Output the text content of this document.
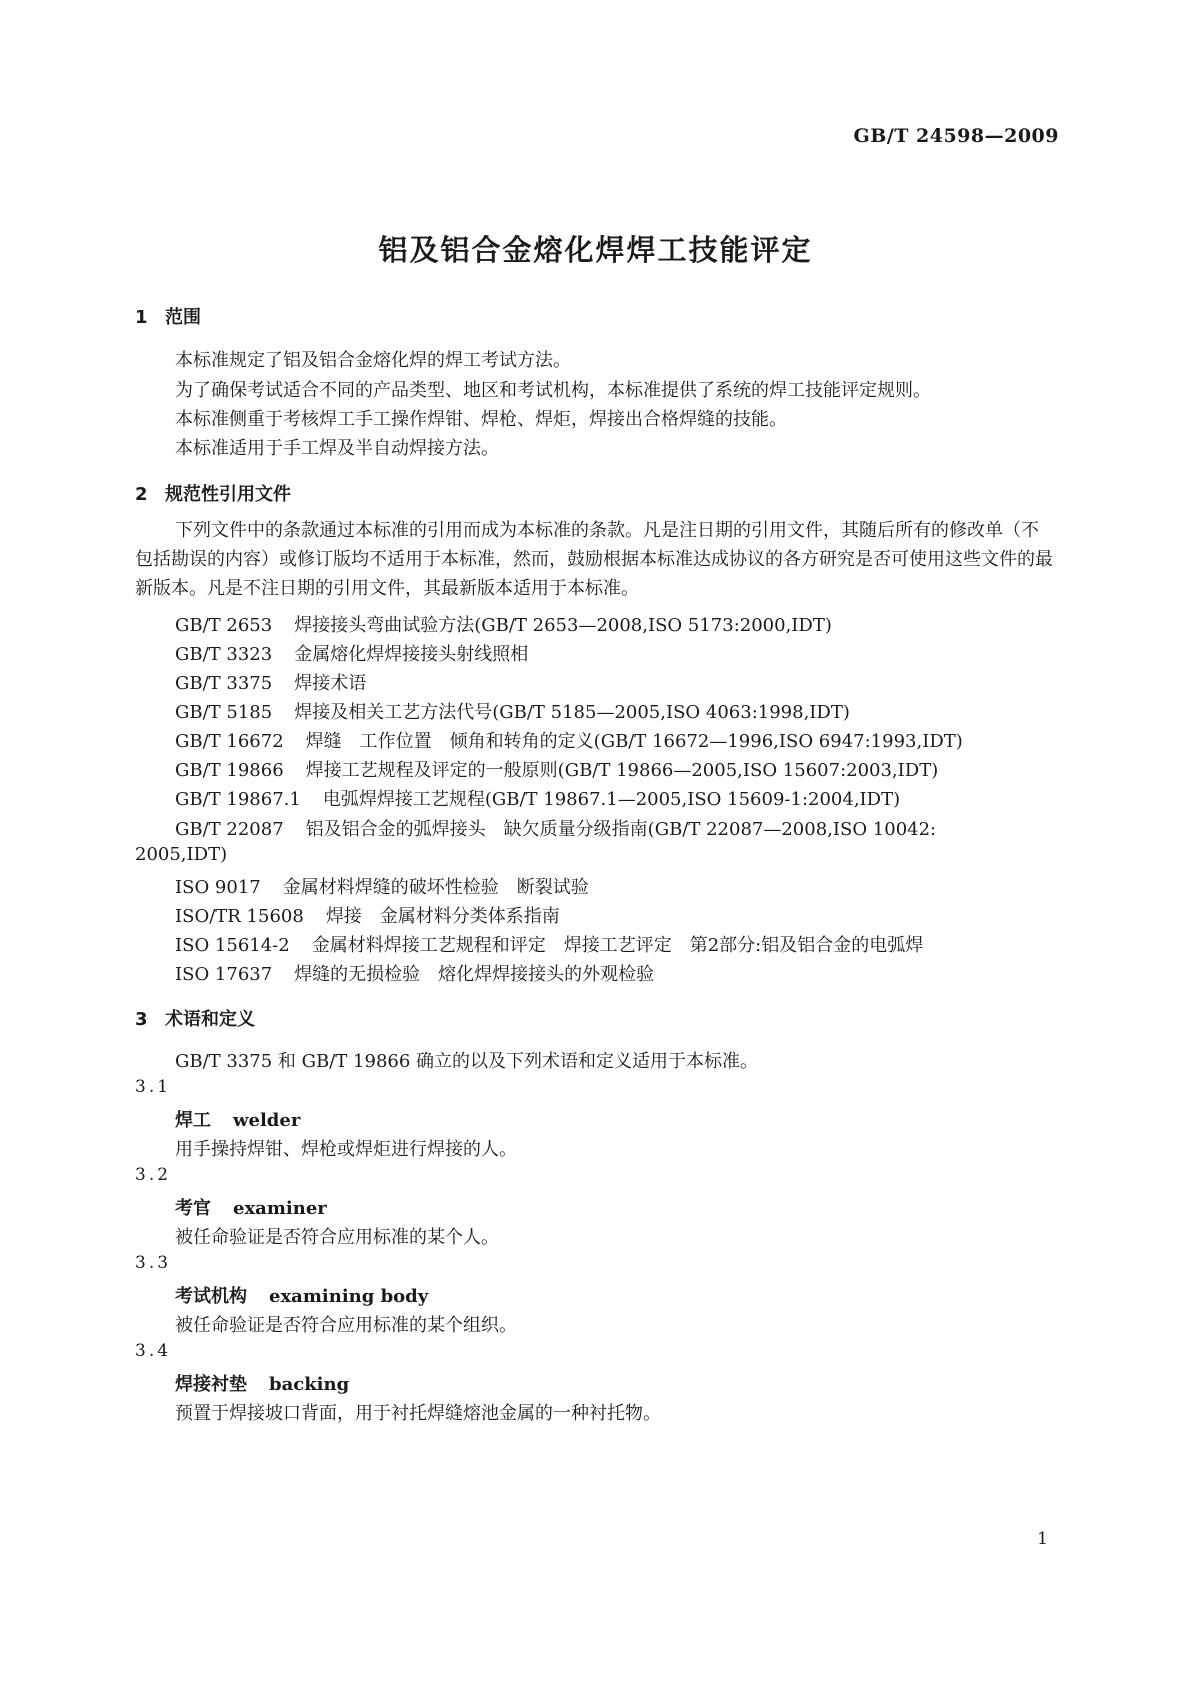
GB/T 24598—2009
铝及铝合金熔化焊焊工技能评定
1 范围
本标准规定了铝及铝合金熔化焊的焊工考试方法。
为了确保考试适合不同的产品类型、地区和考试机构，本标准提供了系统的焊工技能评定规则。
本标准侧重于考核焊工手工操作焊钳、焊枪、焊炬，焊接出合格焊缝的技能。
本标准适用于手工焊及半自动焊接方法。
2 规范性引用文件
下列文件中的条款通过本标准的引用而成为本标准的条款。凡是注日期的引用文件，其随后所有的修改单（不包括勘误的内容）或修订版均不适用于本标准，然而，鼓励根据本标准达成协议的各方研究是否可使用这些文件的最新版本。凡是不注日期的引用文件，其最新版本适用于本标准。
GB/T 2653 焊接接头弯曲试验方法(GB/T 2653—2008,ISO 5173:2000,IDT)
GB/T 3323 金属熔化焊焊接接头射线照相
GB/T 3375 焊接术语
GB/T 5185 焊接及相关工艺方法代号(GB/T 5185—2005,ISO 4063:1998,IDT)
GB/T 16672 焊缝　工作位置　倾角和转角的定义(GB/T 16672—1996,ISO 6947:1993,IDT)
GB/T 19866 焊接工艺规程及评定的一般原则(GB/T 19866—2005,ISO 15607:2003,IDT)
GB/T 19867.1 电弧焊焊接工艺规程(GB/T 19867.1—2005,ISO 15609-1:2004,IDT)
GB/T 22087 铝及铝合金的弧焊接头　缺欠质量分级指南(GB/T 22087—2008,ISO 10042:
2005,IDT)
ISO 9017 金属材料焊缝的破坏性检验　断裂试验
ISO/TR 15608 焊接　金属材料分类体系指南
ISO 15614-2 金属材料焊接工艺规程和评定　焊接工艺评定　第2部分:铝及铝合金的电弧焊
ISO 17637 焊缝的无损检验　熔化焊焊接接头的外观检验
3 术语和定义
GB/T 3375 和 GB/T 19866 确立的以及下列术语和定义适用于本标准。
3.1
焊工 welder
用手操持焊钳、焊枪或焊炬进行焊接的人。
3.2
考官 examiner
被任命验证是否符合应用标准的某个人。
3.3
考试机构 examining body
被任命验证是否符合应用标准的某个组织。
3.4
焊接衬垫 backing
预置于焊接坡口背面，用于衬托焊缝熔池金属的一种衬托物。
1
